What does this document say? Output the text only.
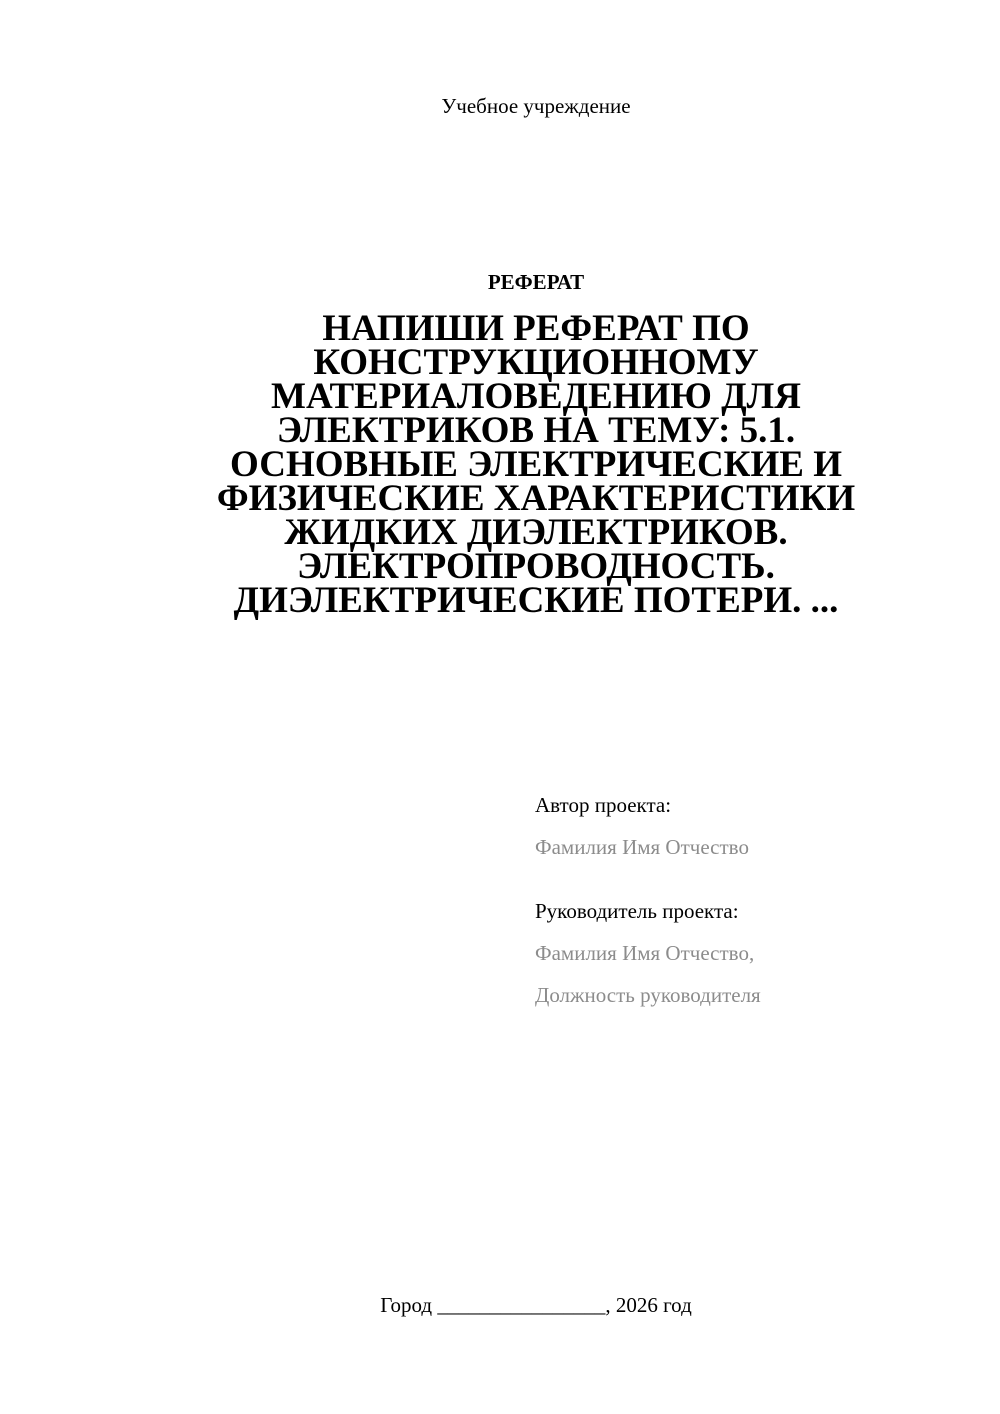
Учебное учреждение
РЕФЕРАТ
НАПИШИ РЕФЕРАТ ПО
КОНСТРУКЦИОННОМУ
МАТЕРИАЛОВЕДЕНИЮ ДЛЯ
ЭЛЕКТРИКОВ НА ТЕМУ: 5.1.
ОСНОВНЫЕ ЭЛЕКТРИЧЕСКИЕ И
ФИЗИЧЕСКИЕ ХАРАКТЕРИСТИКИ
ЖИДКИХ ДИЭЛЕКТРИКОВ.
ЭЛЕКТРОПРОВОДНОСТЬ.
ДИЭЛЕКТРИЧЕСКИЕ ПОТЕРИ. ...
Автор проекта:
Фамилия Имя Отчество
Руководитель проекта:
Фамилия Имя Отчество,
Должность руководителя
Город ________________, 2026 год
